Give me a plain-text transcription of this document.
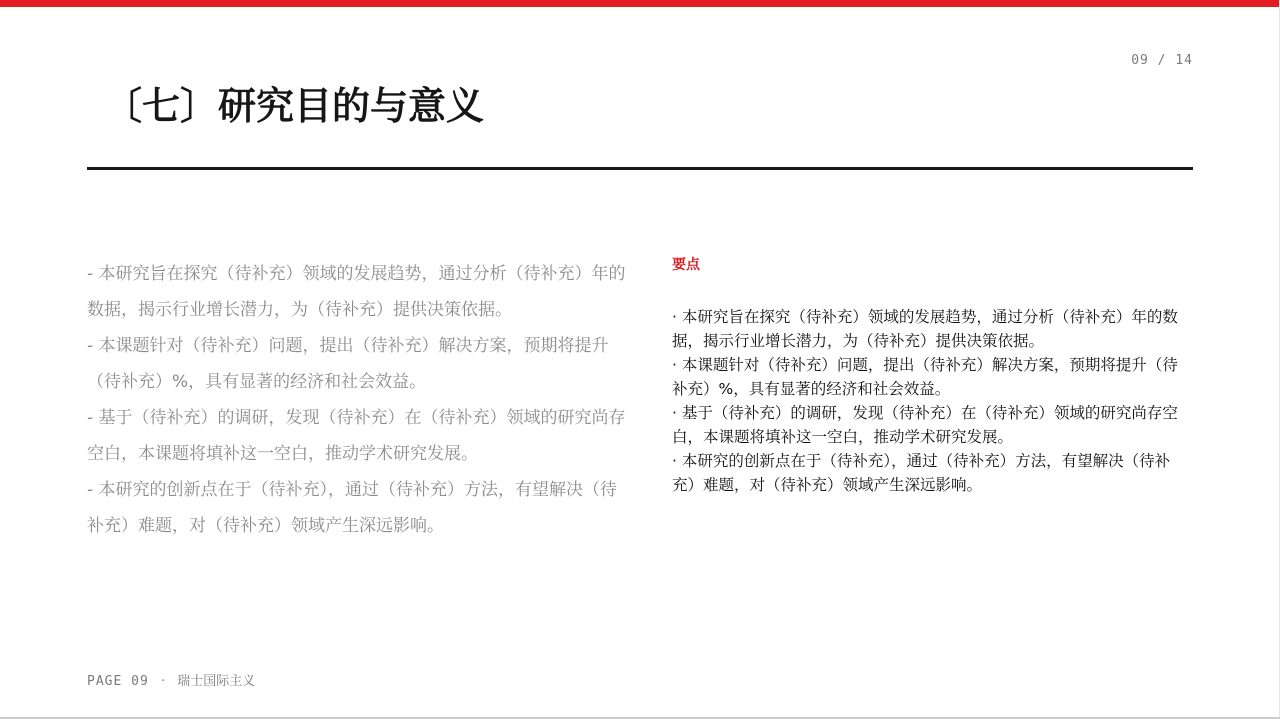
09 / 14
〔七〕研究目的与意义

- 本研究旨在探究（待补充）领域的发展趋势，通过分析（待补充）年的数据，揭示行业增长潜力，为（待补充）提供决策依据。

- 本课题针对（待补充）问题，提出（待补充）解决方案，预期将提升（待补充）%，具有显著的经济和社会效益。

- 基于（待补充）的调研，发现（待补充）在（待补充）领域的研究尚存空白，本课题将填补这一空白，推动学术研究发展。

- 本研究的创新点在于（待补充），通过（待补充）方法，有望解决（待补充）难题，对（待补充）领域产生深远影响。

要点

· 本研究旨在探究（待补充）领域的发展趋势，通过分析（待补充）年的数据，揭示行业增长潜力，为（待补充）提供决策依据。

· 本课题针对（待补充）问题，提出（待补充）解决方案，预期将提升（待补充）%，具有显著的经济和社会效益。

· 基于（待补充）的调研，发现（待补充）在（待补充）领域的研究尚存空白，本课题将填补这一空白，推动学术研究发展。

· 本研究的创新点在于（待补充），通过（待补充）方法，有望解决（待补充）难题，对（待补充）领域产生深远影响。

PAGE 09 · 瑞士国际主义
